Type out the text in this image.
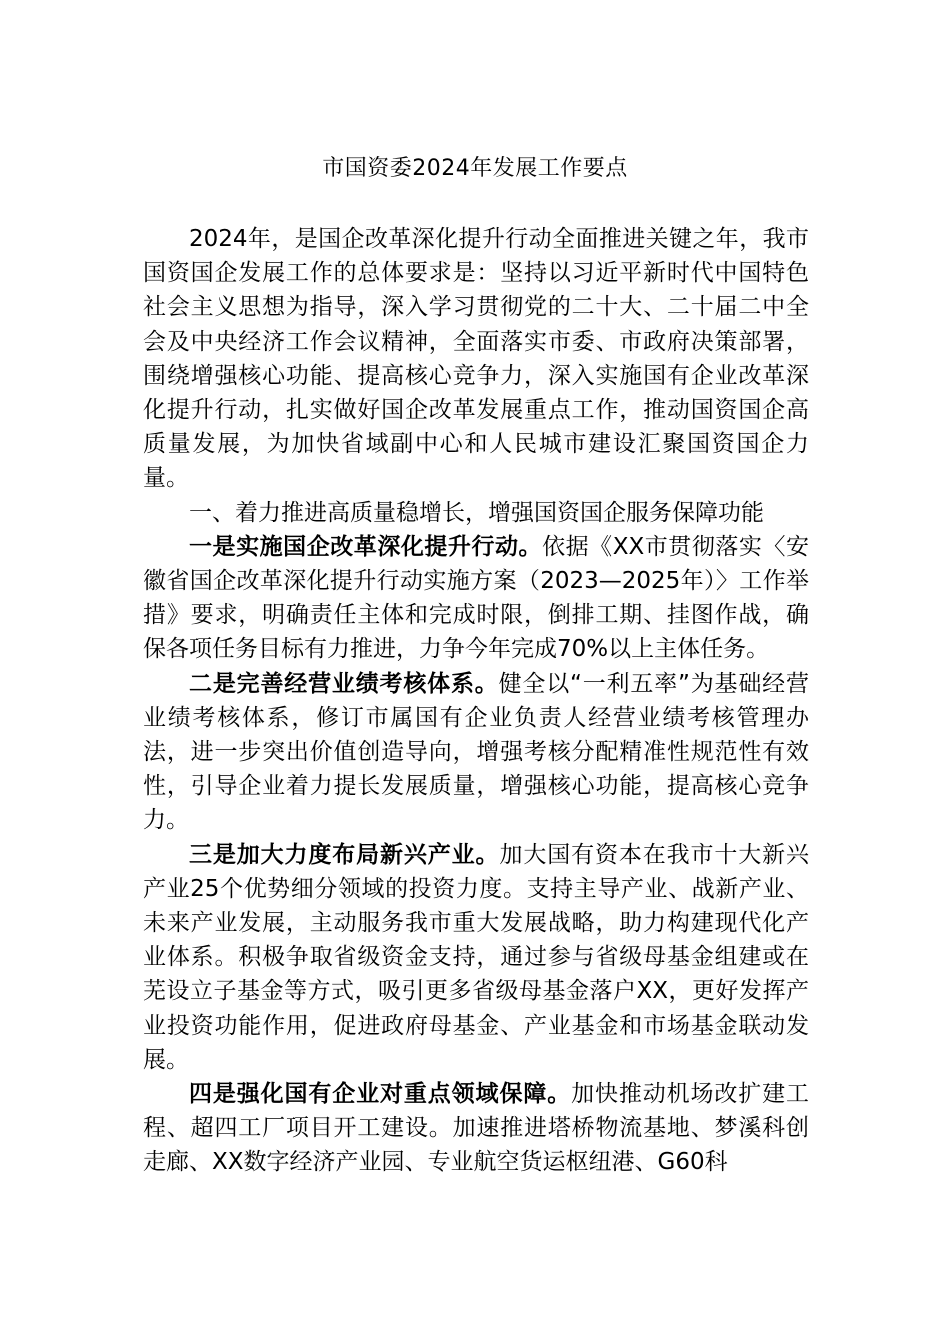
市国资委2024年发展工作要点

2024年，是国企改革深化提升行动全面推进关键之年，我市国资国企发展工作的总体要求是：坚持以习近平新时代中国特色社会主义思想为指导，深入学习贯彻党的二十大、二十届二中全会及中央经济工作会议精神，全面落实市委、市政府决策部署，围绕增强核心功能、提高核心竞争力，深入实施国有企业改革深化提升行动，扎实做好国企改革发展重点工作，推动国资国企高质量发展，为加快省域副中心和人民城市建设汇聚国资国企力量。

一、着力推进高质量稳增长，增强国资国企服务保障功能

一是实施国企改革深化提升行动。依据《XX市贯彻落实〈安徽省国企改革深化提升行动实施方案（2023—2025年）〉工作举措》要求，明确责任主体和完成时限，倒排工期、挂图作战，确保各项任务目标有力推进，力争今年完成70%以上主体任务。

二是完善经营业绩考核体系。健全以“一利五率”为基础经营业绩考核体系，修订市属国有企业负责人经营业绩考核管理办法，进一步突出价值创造导向，增强考核分配精准性规范性有效性，引导企业着力提长发展质量，增强核心功能，提高核心竞争力。

三是加大力度布局新兴产业。加大国有资本在我市十大新兴产业25个优势细分领域的投资力度。支持主导产业、战新产业、未来产业发展，主动服务我市重大发展战略，助力构建现代化产业体系。积极争取省级资金支持，通过参与省级母基金组建或在芜设立子基金等方式，吸引更多省级母基金落户XX，更好发挥产业投资功能作用，促进政府母基金、产业基金和市场基金联动发展。

四是强化国有企业对重点领域保障。加快推动机场改扩建工程、超四工厂项目开工建设。加速推进塔桥物流基地、梦溪科创走廊、XX数字经济产业园、专业航空货运枢纽港、G60科
